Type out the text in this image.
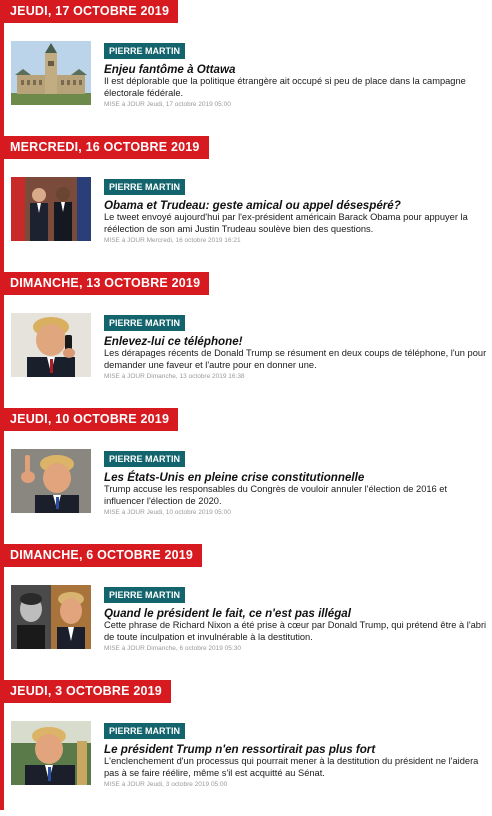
JEUDI, 17 OCTOBRE 2019
PIERRE MARTIN
Enjeu fantôme à Ottawa
Il est déplorable que la politique étrangère ait occupé si peu de place dans la campagne électorale fédérale.
MISE à JOUR Jeudi, 17 octobre 2019 05:00
MERCREDI, 16 OCTOBRE 2019
PIERRE MARTIN
Obama et Trudeau: geste amical ou appel désespéré?
Le tweet envoyé aujourd'hui par l'ex-président américain Barack Obama pour appuyer la réélection de son ami Justin Trudeau soulève bien des questions.
MISE à JOUR Mercredi, 16 octobre 2019 16:21
DIMANCHE, 13 OCTOBRE 2019
PIERRE MARTIN
Enlevez-lui ce téléphone!
Les dérapages récents de Donald Trump se résument en deux coups de téléphone, l'un pour demander une faveur et l'autre pour en donner une.
MISE à JOUR Dimanche, 13 octobre 2019 16:38
JEUDI, 10 OCTOBRE 2019
PIERRE MARTIN
Les États-Unis en pleine crise constitutionnelle
Trump accuse les responsables du Congrès de vouloir annuler l'élection de 2016 et influencer l'élection de 2020.
MISE à JOUR Jeudi, 10 octobre 2019 05:00
DIMANCHE, 6 OCTOBRE 2019
PIERRE MARTIN
Quand le président le fait, ce n'est pas illégal
Cette phrase de Richard Nixon a été prise à cœur par Donald Trump, qui prétend être à l'abri de toute inculpation et invulnérable à la destitution.
MISE à JOUR Dimanche, 6 octobre 2019 05:30
JEUDI, 3 OCTOBRE 2019
PIERRE MARTIN
Le président Trump n'en ressortirait pas plus fort
L'enclenchement d'un processus qui pourrait mener à la destitution du président ne l'aidera pas à se faire réélire, même s'il est acquitté au Sénat.
MISE à JOUR Jeudi, 3 octobre 2019 05:00
